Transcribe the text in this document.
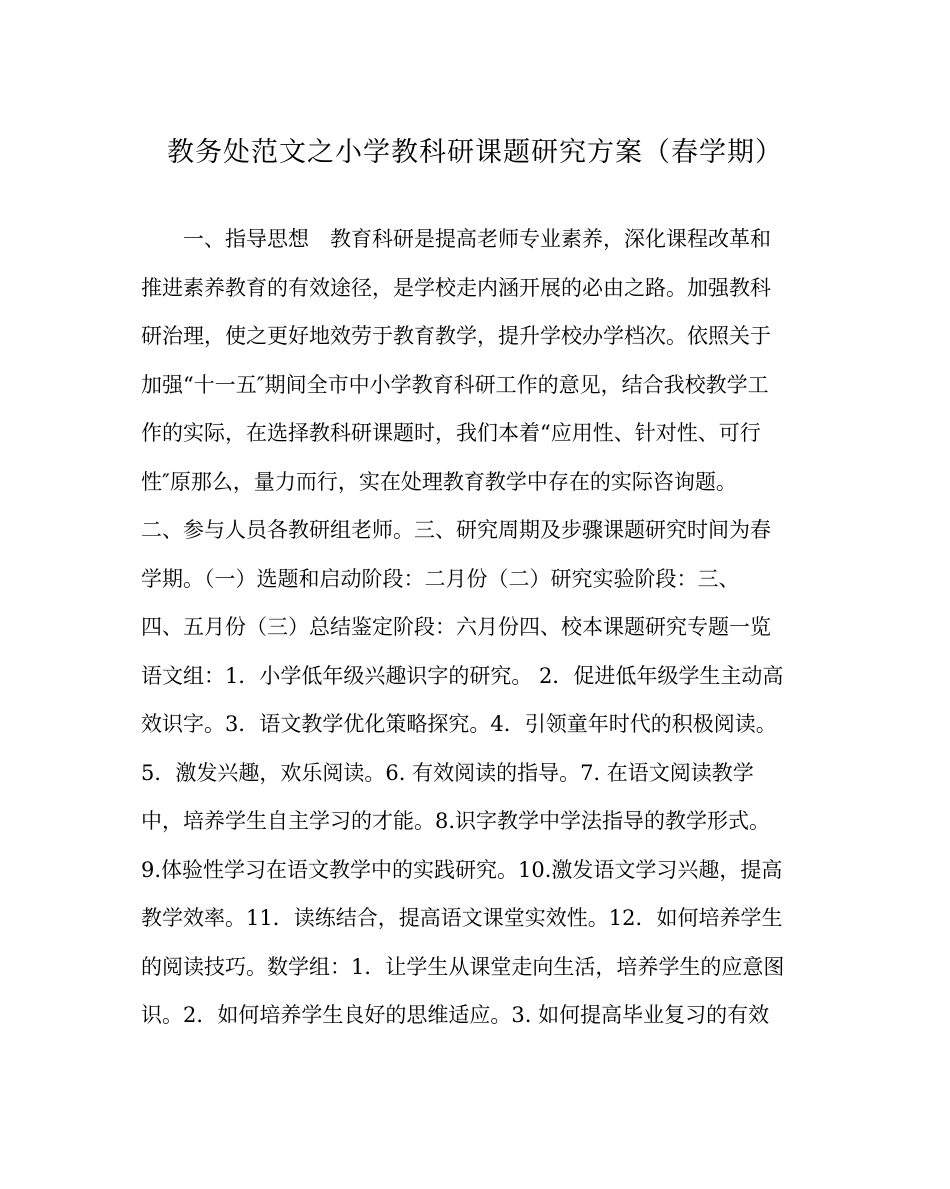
教务处范文之小学教科研课题研究方案（春学期）
一、指导思想　教育科研是提高老师专业素养，深化课程改革和
推进素养教育的有效途径，是学校走内涵开展的必由之路。加强教科
研治理，使之更好地效劳于教育教学，提升学校办学档次。依照关于
加强“十一五″期间全市中小学教育科研工作的意见，结合我校教学工
作的实际，在选择教科研课题时，我们本着“应用性、针对性、可行
性″原那么，量力而行，实在处理教育教学中存在的实际咨询题。
二、参与人员各教研组老师。三、研究周期及步骤课题研究时间为春
学期。（一）选题和启动阶段：二月份（二）研究实验阶段：三、
四、五月份（三）总结鉴定阶段：六月份四、校本课题研究专题一览
语文组：1．小学低年级兴趣识字的研究。 2．促进低年级学生主动高
效识字。3．语文教学优化策略探究。4．引领童年时代的积极阅读。
5．激发兴趣，欢乐阅读。6. 有效阅读的指导。7. 在语文阅读教学
中，培养学生自主学习的才能。8.识字教学中学法指导的教学形式。
9.体验性学习在语文教学中的实践研究。10.激发语文学习兴趣，提高
教学效率。11．读练结合，提高语文课堂实效性。12．如何培养学生
的阅读技巧。数学组：1．让学生从课堂走向生活，培养学生的应意图
识。2．如何培养学生良好的思维适应。3. 如何提高毕业复习的有效
